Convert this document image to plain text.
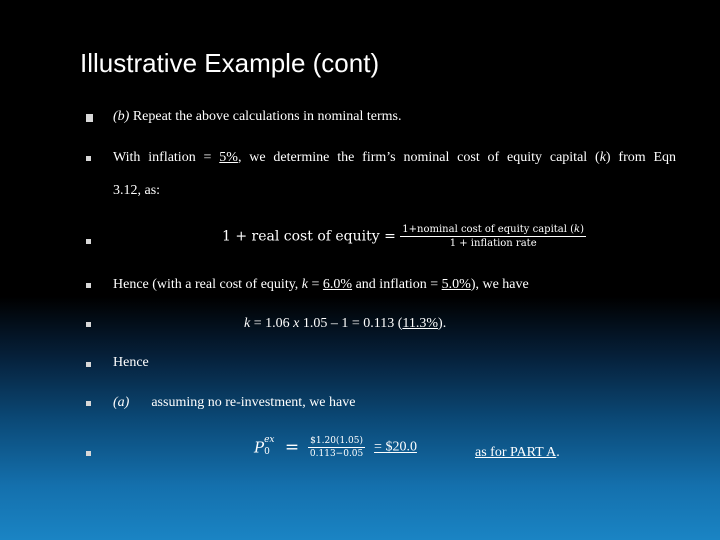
Illustrative Example (cont)
(b) Repeat the above calculations in nominal terms.
With inflation = 5%, we determine the firm’s nominal cost of equity capital (k) from Eqn
3.12, as:
1 + real cost of equity = $\frac{\text{1+nominal cost of equity capital (k)}}{\text{1 + inflation rate}}$
Hence (with a real cost of equity, k = 6.0% and inflation = 5.0%), we have
k = 1.06 x 1.05 – 1 = 0.113 (11.3%).
Hence
(a) assuming no re-investment, we have
P ex
$0 = \frac{\$1.20(1.05)}{0.113-0.05}$ = $20.0	as for PART A.
